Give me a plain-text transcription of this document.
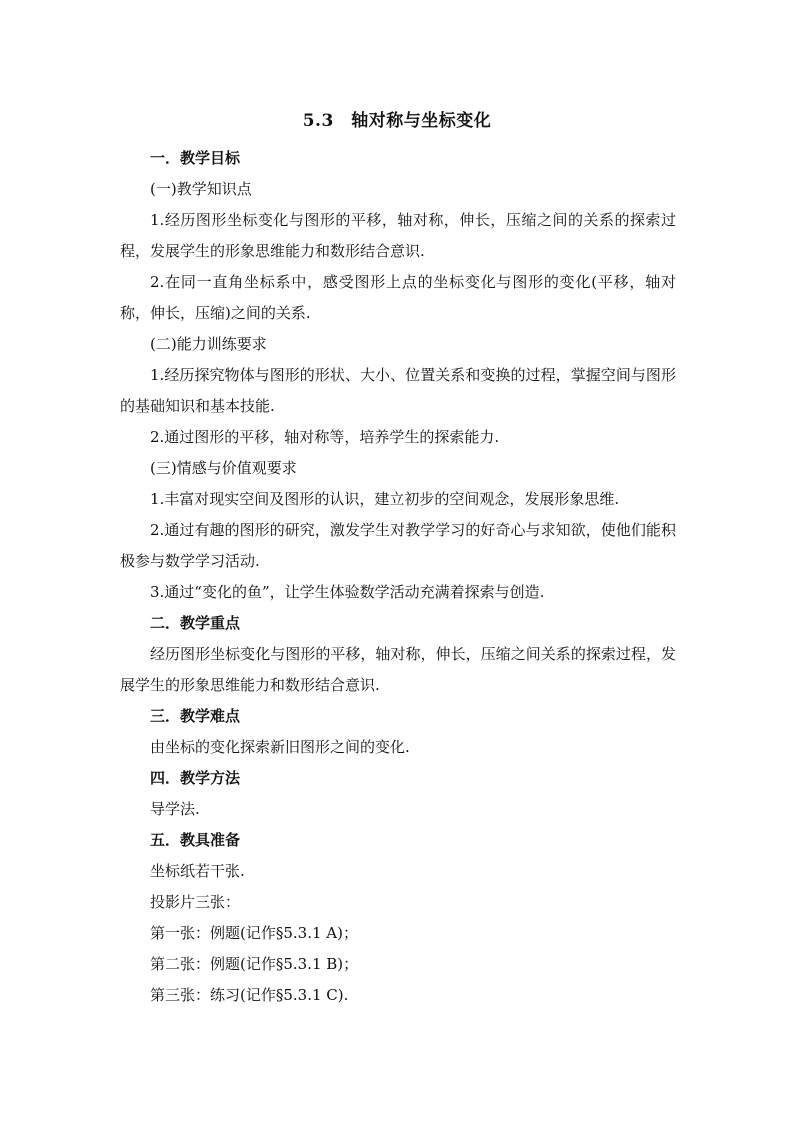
5.3　轴对称与坐标变化

一．教学目标

(一)教学知识点

1.经历图形坐标变化与图形的平移，轴对称，伸长，压缩之间的关系的探索过程，发展学生的形象思维能力和数形结合意识.

2.在同一直角坐标系中，感受图形上点的坐标变化与图形的变化(平移，轴对称，伸长，压缩)之间的关系.

(二)能力训练要求

1.经历探究物体与图形的形状、大小、位置关系和变换的过程，掌握空间与图形的基础知识和基本技能.

2.通过图形的平移，轴对称等，培养学生的探索能力.

(三)情感与价值观要求

1.丰富对现实空间及图形的认识，建立初步的空间观念，发展形象思维.

2.通过有趣的图形的研究，激发学生对教学学习的好奇心与求知欲，使他们能积极参与数学学习活动.

3.通过“变化的鱼”，让学生体验数学活动充满着探索与创造.

二．教学重点

经历图形坐标变化与图形的平移，轴对称，伸长，压缩之间关系的探索过程，发展学生的形象思维能力和数形结合意识.

三．教学难点

由坐标的变化探索新旧图形之间的变化.

四．教学方法

导学法.

五．教具准备

坐标纸若干张.

投影片三张：

第一张：例题(记作§5.3.1 A)；

第二张：例题(记作§5.3.1 B)；

第三张：练习(记作§5.3.1 C).
